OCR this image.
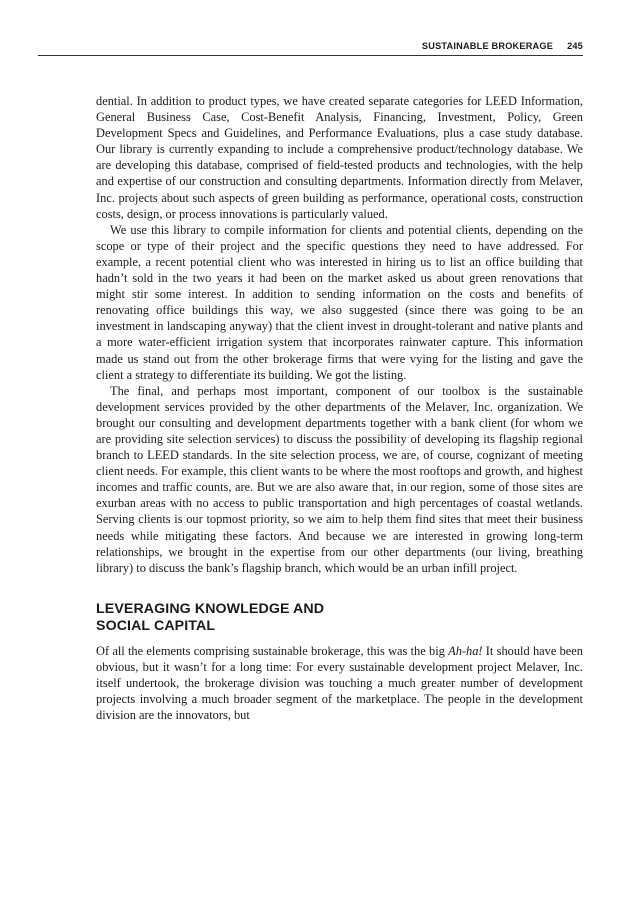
SUSTAINABLE BROKERAGE 245

dential. In addition to product types, we have created separate categories for LEED Information, General Business Case, Cost-Benefit Analysis, Financing, Investment, Policy, Green Development Specs and Guidelines, and Performance Evaluations, plus a case study database. Our library is currently expanding to include a comprehensive product/technology database. We are developing this database, comprised of field-tested products and technologies, with the help and expertise of our construction and consulting departments. Information directly from Melaver, Inc. projects about such aspects of green building as performance, operational costs, construction costs, design, or process innovations is particularly valued.

We use this library to compile information for clients and potential clients, depending on the scope or type of their project and the specific questions they need to have addressed. For example, a recent potential client who was interested in hiring us to list an office building that hadn’t sold in the two years it had been on the market asked us about green renovations that might stir some interest. In addition to sending information on the costs and benefits of renovating office buildings this way, we also suggested (since there was going to be an investment in landscaping anyway) that the client invest in drought-tolerant and native plants and a more water-efficient irrigation system that incorporates rainwater capture. This information made us stand out from the other brokerage firms that were vying for the listing and gave the client a strategy to differentiate its building. We got the listing.

The final, and perhaps most important, component of our toolbox is the sustainable development services provided by the other departments of the Melaver, Inc. organization. We brought our consulting and development departments together with a bank client (for whom we are providing site selection services) to discuss the possibility of developing its flagship regional branch to LEED standards. In the site selection process, we are, of course, cognizant of meeting client needs. For example, this client wants to be where the most rooftops and growth, and highest incomes and traffic counts, are. But we are also aware that, in our region, some of those sites are exurban areas with no access to public transportation and high percentages of coastal wetlands. Serving clients is our topmost priority, so we aim to help them find sites that meet their business needs while mitigating these factors. And because we are interested in growing long-term relationships, we brought in the expertise from our other departments (our living, breathing library) to discuss the bank’s flagship branch, which would be an urban infill project.

LEVERAGING KNOWLEDGE AND
SOCIAL CAPITAL

Of all the elements comprising sustainable brokerage, this was the big Ah-ha! It should have been obvious, but it wasn’t for a long time: For every sustainable development project Melaver, Inc. itself undertook, the brokerage division was touching a much greater number of development projects involving a much broader segment of the marketplace. The people in the development division are the innovators, but
